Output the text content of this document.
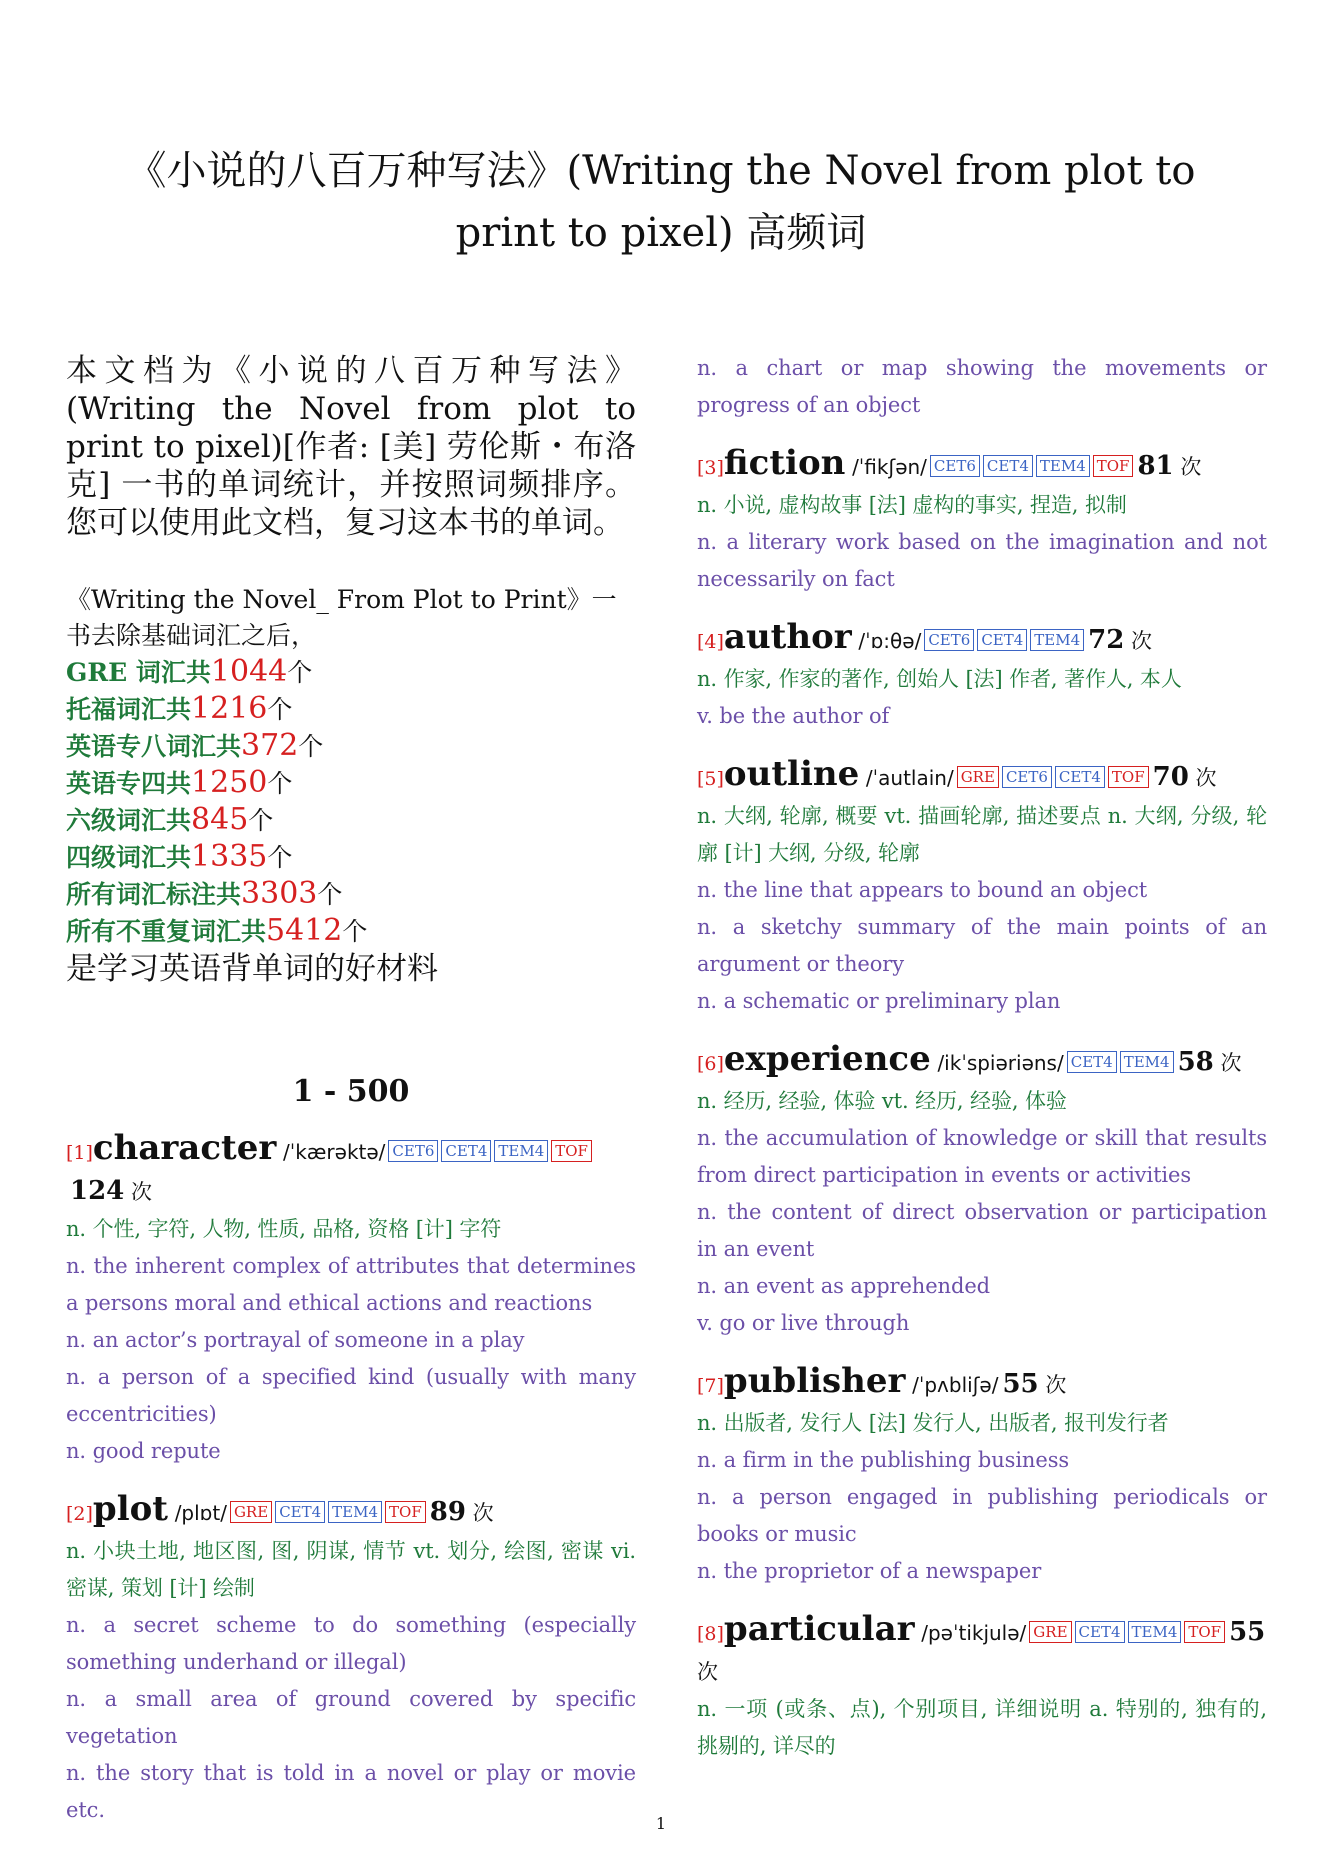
《小说的八百万种写法》(Writing the Novel from plot to print to pixel) 高频词
本文档为《小说的八百万种写法》(Writing the Novel from plot to print to pixel)[作者: [美] 劳伦斯・布洛克] 一书的单词统计，并按照词频排序。您可以使用此文档，复习这本书的单词。
《Writing the Novel_ From Plot to Print》一书去除基础词汇之后，
GRE 词汇共1044个
托福词汇共1216个
英语专八词汇共372个
英语专四共1250个
六级词汇共845个
四级词汇共1335个
所有词汇标注共3303个
所有不重复词汇共5412个
是学习英语背单词的好材料
1 - 500
[1]character /ˈkærəktə/ CET6 CET4 TEM4 TOF124 次
n. 个性, 字符, 人物, 性质, 品格, 资格 [计] 字符
n. the inherent complex of attributes that determines a persons moral and ethical actions and reactions
n. an actor’s portrayal of someone in a play
n. a person of a specified kind (usually with many eccentricities)
n. good repute
[2]plot /plɒt/ GRE CET4 TEM4 TOF 89 次
n. 小块土地, 地区图, 图, 阴谋, 情节 vt. 划分, 绘图, 密谋 vi. 密谋, 策划 [计] 绘制
n. a secret scheme to do something (especially something underhand or illegal)
n. a small area of ground covered by specific vegetation
n. the story that is told in a novel or play or movie etc.
n. a chart or map showing the movements or progress of an object
[3]fiction /ˈfikʃən/ CET6 CET4 TEM4 TOF 81 次
n. 小说, 虚构故事 [法] 虚构的事实, 捏造, 拟制
n. a literary work based on the imagination and not necessarily on fact
[4]author /ˈɒ:θə/ CET6 CET4 TEM4 72 次
n. 作家, 作家的著作, 创始人 [法] 作者, 著作人, 本人
v. be the author of
[5]outline /ˈautlain/ GRE CET6 CET4 TOF 70 次
n. 大纲, 轮廓, 概要 vt. 描画轮廓, 描述要点 n. 大纲, 分级, 轮廓 [计] 大纲, 分级, 轮廓
n. the line that appears to bound an object
n. a sketchy summary of the main points of an argument or theory
n. a schematic or preliminary plan
[6]experience /ikˈspiəriəns/ CET4 TEM4 58 次
n. 经历, 经验, 体验 vt. 经历, 经验, 体验
n. the accumulation of knowledge or skill that results from direct participation in events or activities
n. the content of direct observation or participation in an event
n. an event as apprehended
v. go or live through
[7]publisher /ˈpʌbliʃə/ 55 次
n. 出版者, 发行人 [法] 发行人, 出版者, 报刊发行者
n. a firm in the publishing business
n. a person engaged in publishing periodicals or books or music
n. the proprietor of a newspaper
[8]particular /pəˈtikjulə/ GRE CET4 TEM4 TOF 55 次
n. 一项 (或条、点), 个别项目, 详细说明 a. 特别的, 独有的, 挑剔的, 详尽的
1
